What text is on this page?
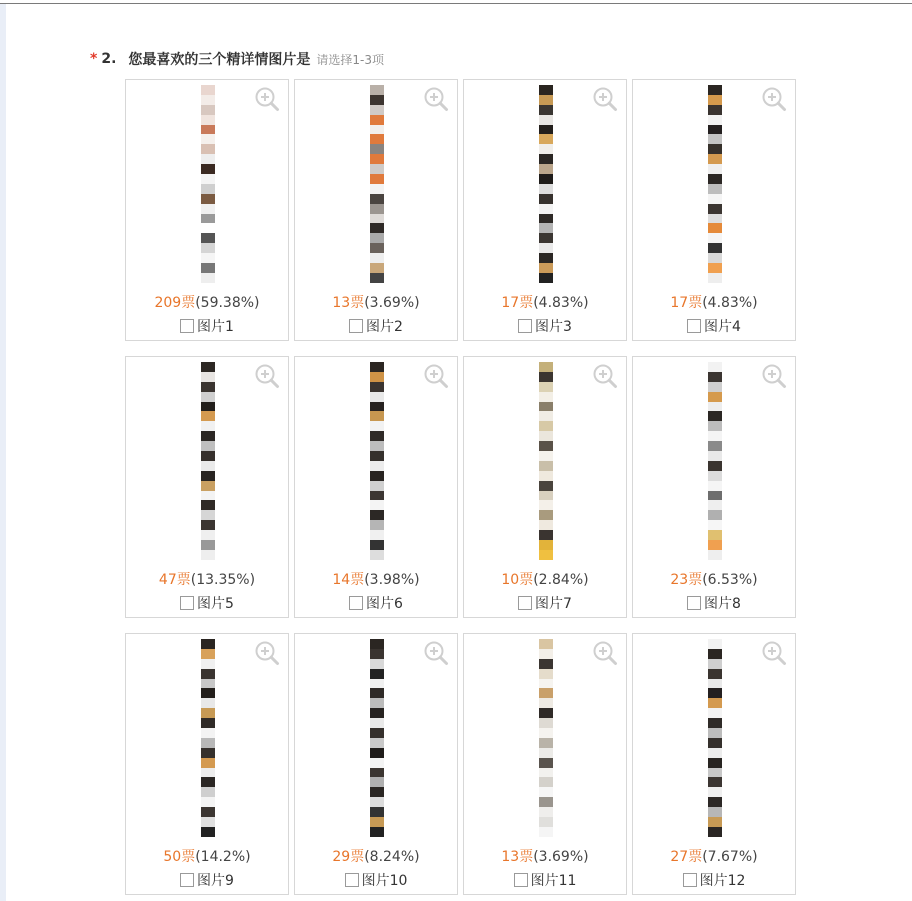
* 2. 您最喜欢的三个精详情图片是 请选择1-3项
209票(59.38%)
图片1
13票(3.69%)
图片2
17票(4.83%)
图片3
17票(4.83%)
图片4
47票(13.35%)
图片5
14票(3.98%)
图片6
10票(2.84%)
图片7
23票(6.53%)
图片8
50票(14.2%)
图片9
29票(8.24%)
图片10
13票(3.69%)
图片11
27票(7.67%)
图片12
